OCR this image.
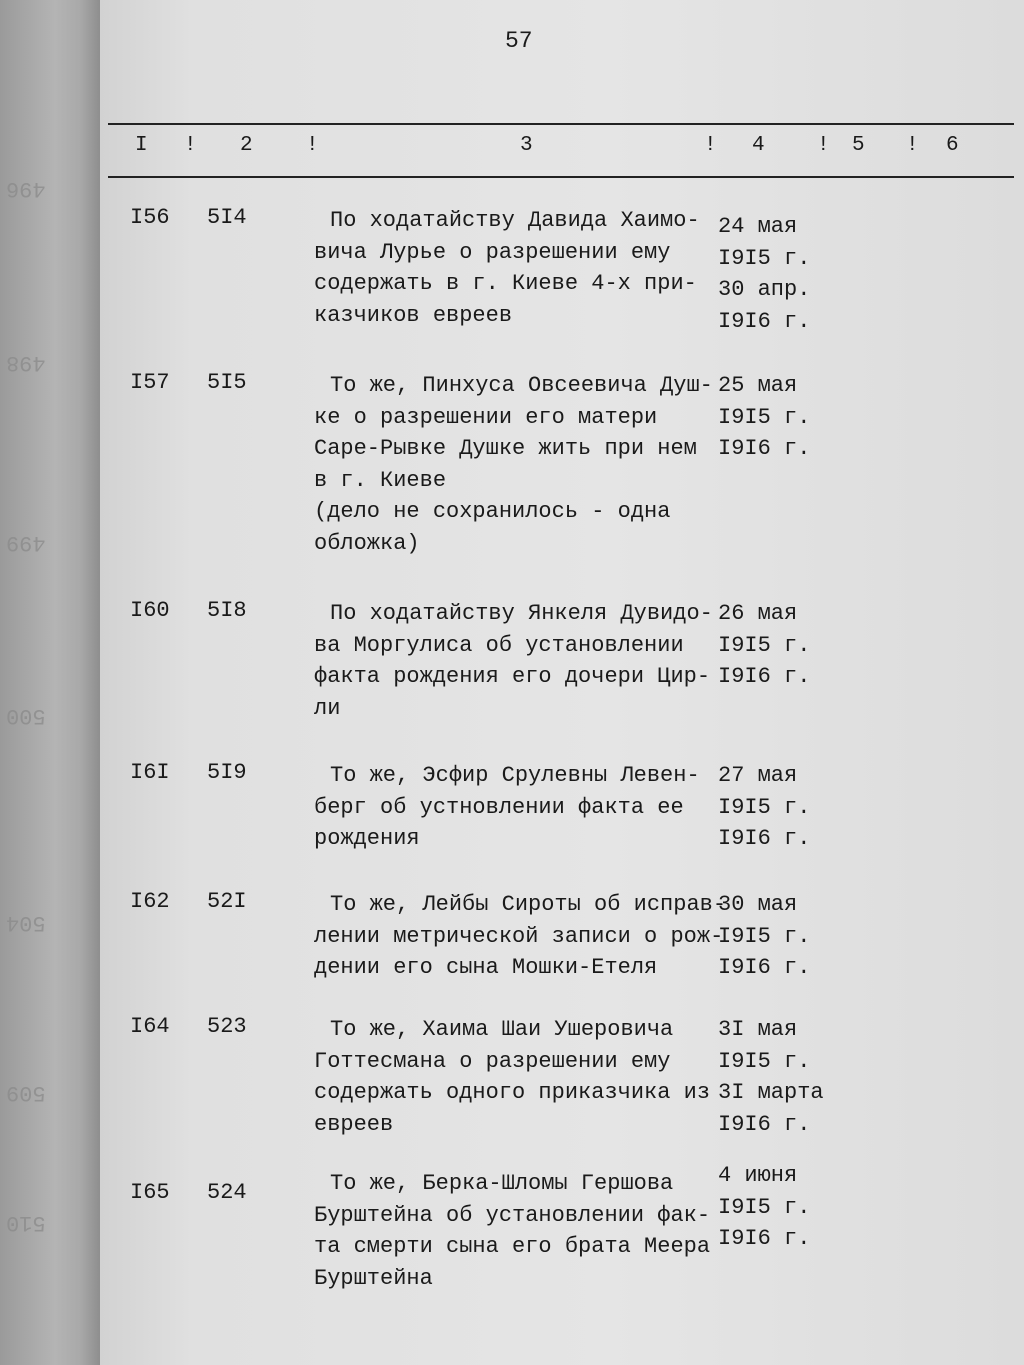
496
498
499
500
504
509
510
57
I ! 2	!	3	! 4 ! 5 ! 6
I56 5I4	По ходатайству Давида Хаимо-
вича Лурье о разрешении ему
содержать в г. Киеве 4-х при-
казчиков евреев
24 мая
I9I5 г.
30 апр.
I9I6 г.
I57 5I5	То же, Пинхуса Овсеевича Душ-
ке о разрешении его матери
Саре-Рывке Душке жить при нем
в г. Киеве
(дело не сохранилось - одна
обложка)
25 мая
I9I5 г.
I9I6 г.
I60 5I8	По ходатайству Янкеля Дувидо-
ва Моргулиса об установлении
факта рождения его дочери Цир-
ли
26 мая
I9I5 г.
I9I6 г.
I6I 5I9	То же, Эсфир Срулевны Левен-
берг об устновлении факта ее
рождения
27 мая
I9I5 г.
I9I6 г.
I62 52I	То же, Лейбы Сироты об исправ-
лении метрической записи о рож-
дении его сына Мошки-Етеля
30 мая
I9I5 г.
I9I6 г.
I64 523	То же, Хаима Шаи Ушеровича
Готтесмана о разрешении ему
содержать одного приказчика из
евреев
3I мая
I9I5 г.
3I марта
I9I6 г.
I65 524	То же, Берка-Шломы Гершова
Бурштейна об установлении фак-
та смерти сына его брата Меера
Бурштейна
4 июня
I9I5 г.
I9I6 г.
